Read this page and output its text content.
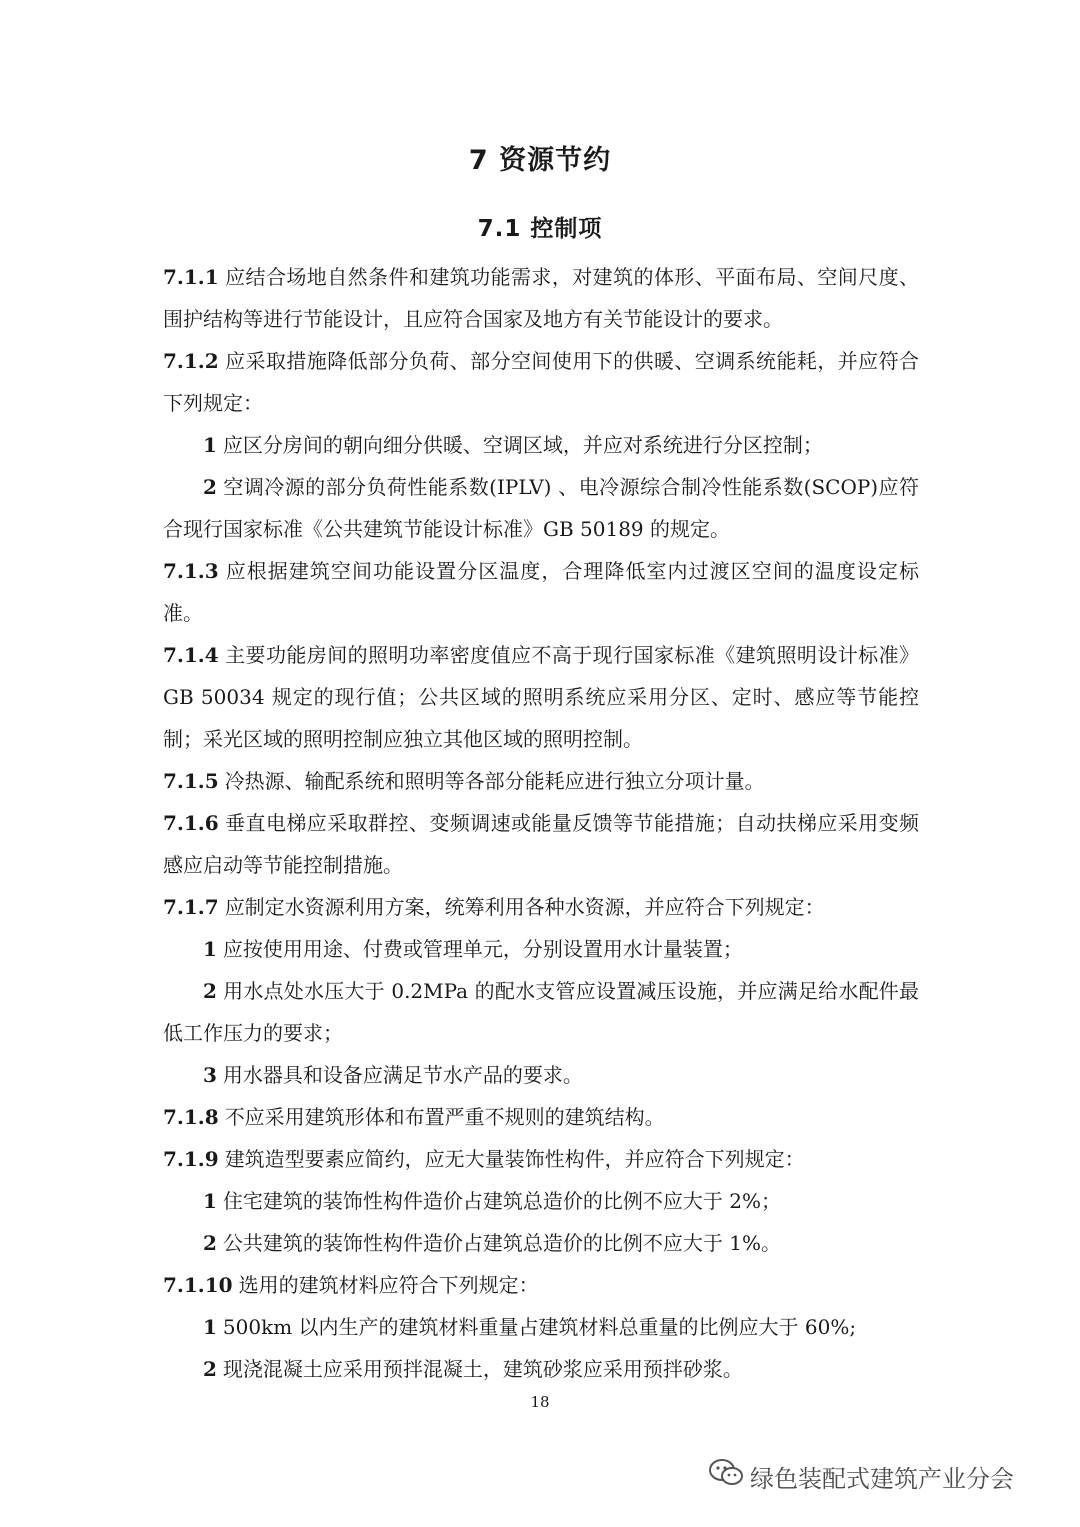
7 资源节约
7.1 控制项

7.1.1 应结合场地自然条件和建筑功能需求，对建筑的体形、平面布局、空间尺度、围护结构等进行节能设计，且应符合国家及地方有关节能设计的要求。

7.1.2 应采取措施降低部分负荷、部分空间使用下的供暖、空调系统能耗，并应符合下列规定：

1 应区分房间的朝向细分供暖、空调区域，并应对系统进行分区控制；

2 空调冷源的部分负荷性能系数(IPLV) 、电冷源综合制冷性能系数(SCOP)应符合现行国家标准《公共建筑节能设计标准》GB 50189 的规定。

7.1.3 应根据建筑空间功能设置分区温度，合理降低室内过渡区空间的温度设定标准。

7.1.4 主要功能房间的照明功率密度值应不高于现行国家标准《建筑照明设计标准》GB 50034 规定的现行值；公共区域的照明系统应采用分区、定时、感应等节能控制；采光区域的照明控制应独立其他区域的照明控制。

7.1.5 冷热源、输配系统和照明等各部分能耗应进行独立分项计量。

7.1.6 垂直电梯应采取群控、变频调速或能量反馈等节能措施；自动扶梯应采用变频感应启动等节能控制措施。

7.1.7 应制定水资源利用方案，统筹利用各种水资源，并应符合下列规定：

1 应按使用用途、付费或管理单元，分别设置用水计量装置；

2 用水点处水压大于 0.2MPa 的配水支管应设置减压设施，并应满足给水配件最低工作压力的要求；

3 用水器具和设备应满足节水产品的要求。

7.1.8 不应采用建筑形体和布置严重不规则的建筑结构。

7.1.9 建筑造型要素应简约，应无大量装饰性构件，并应符合下列规定：

1 住宅建筑的装饰性构件造价占建筑总造价的比例不应大于 2%；

2 公共建筑的装饰性构件造价占建筑总造价的比例不应大于 1%。

7.1.10 选用的建筑材料应符合下列规定：

1 500km 以内生产的建筑材料重量占建筑材料总重量的比例应大于 60%;

2 现浇混凝土应采用预拌混凝土，建筑砂浆应采用预拌砂浆。

18
绿色装配式建筑产业分会
